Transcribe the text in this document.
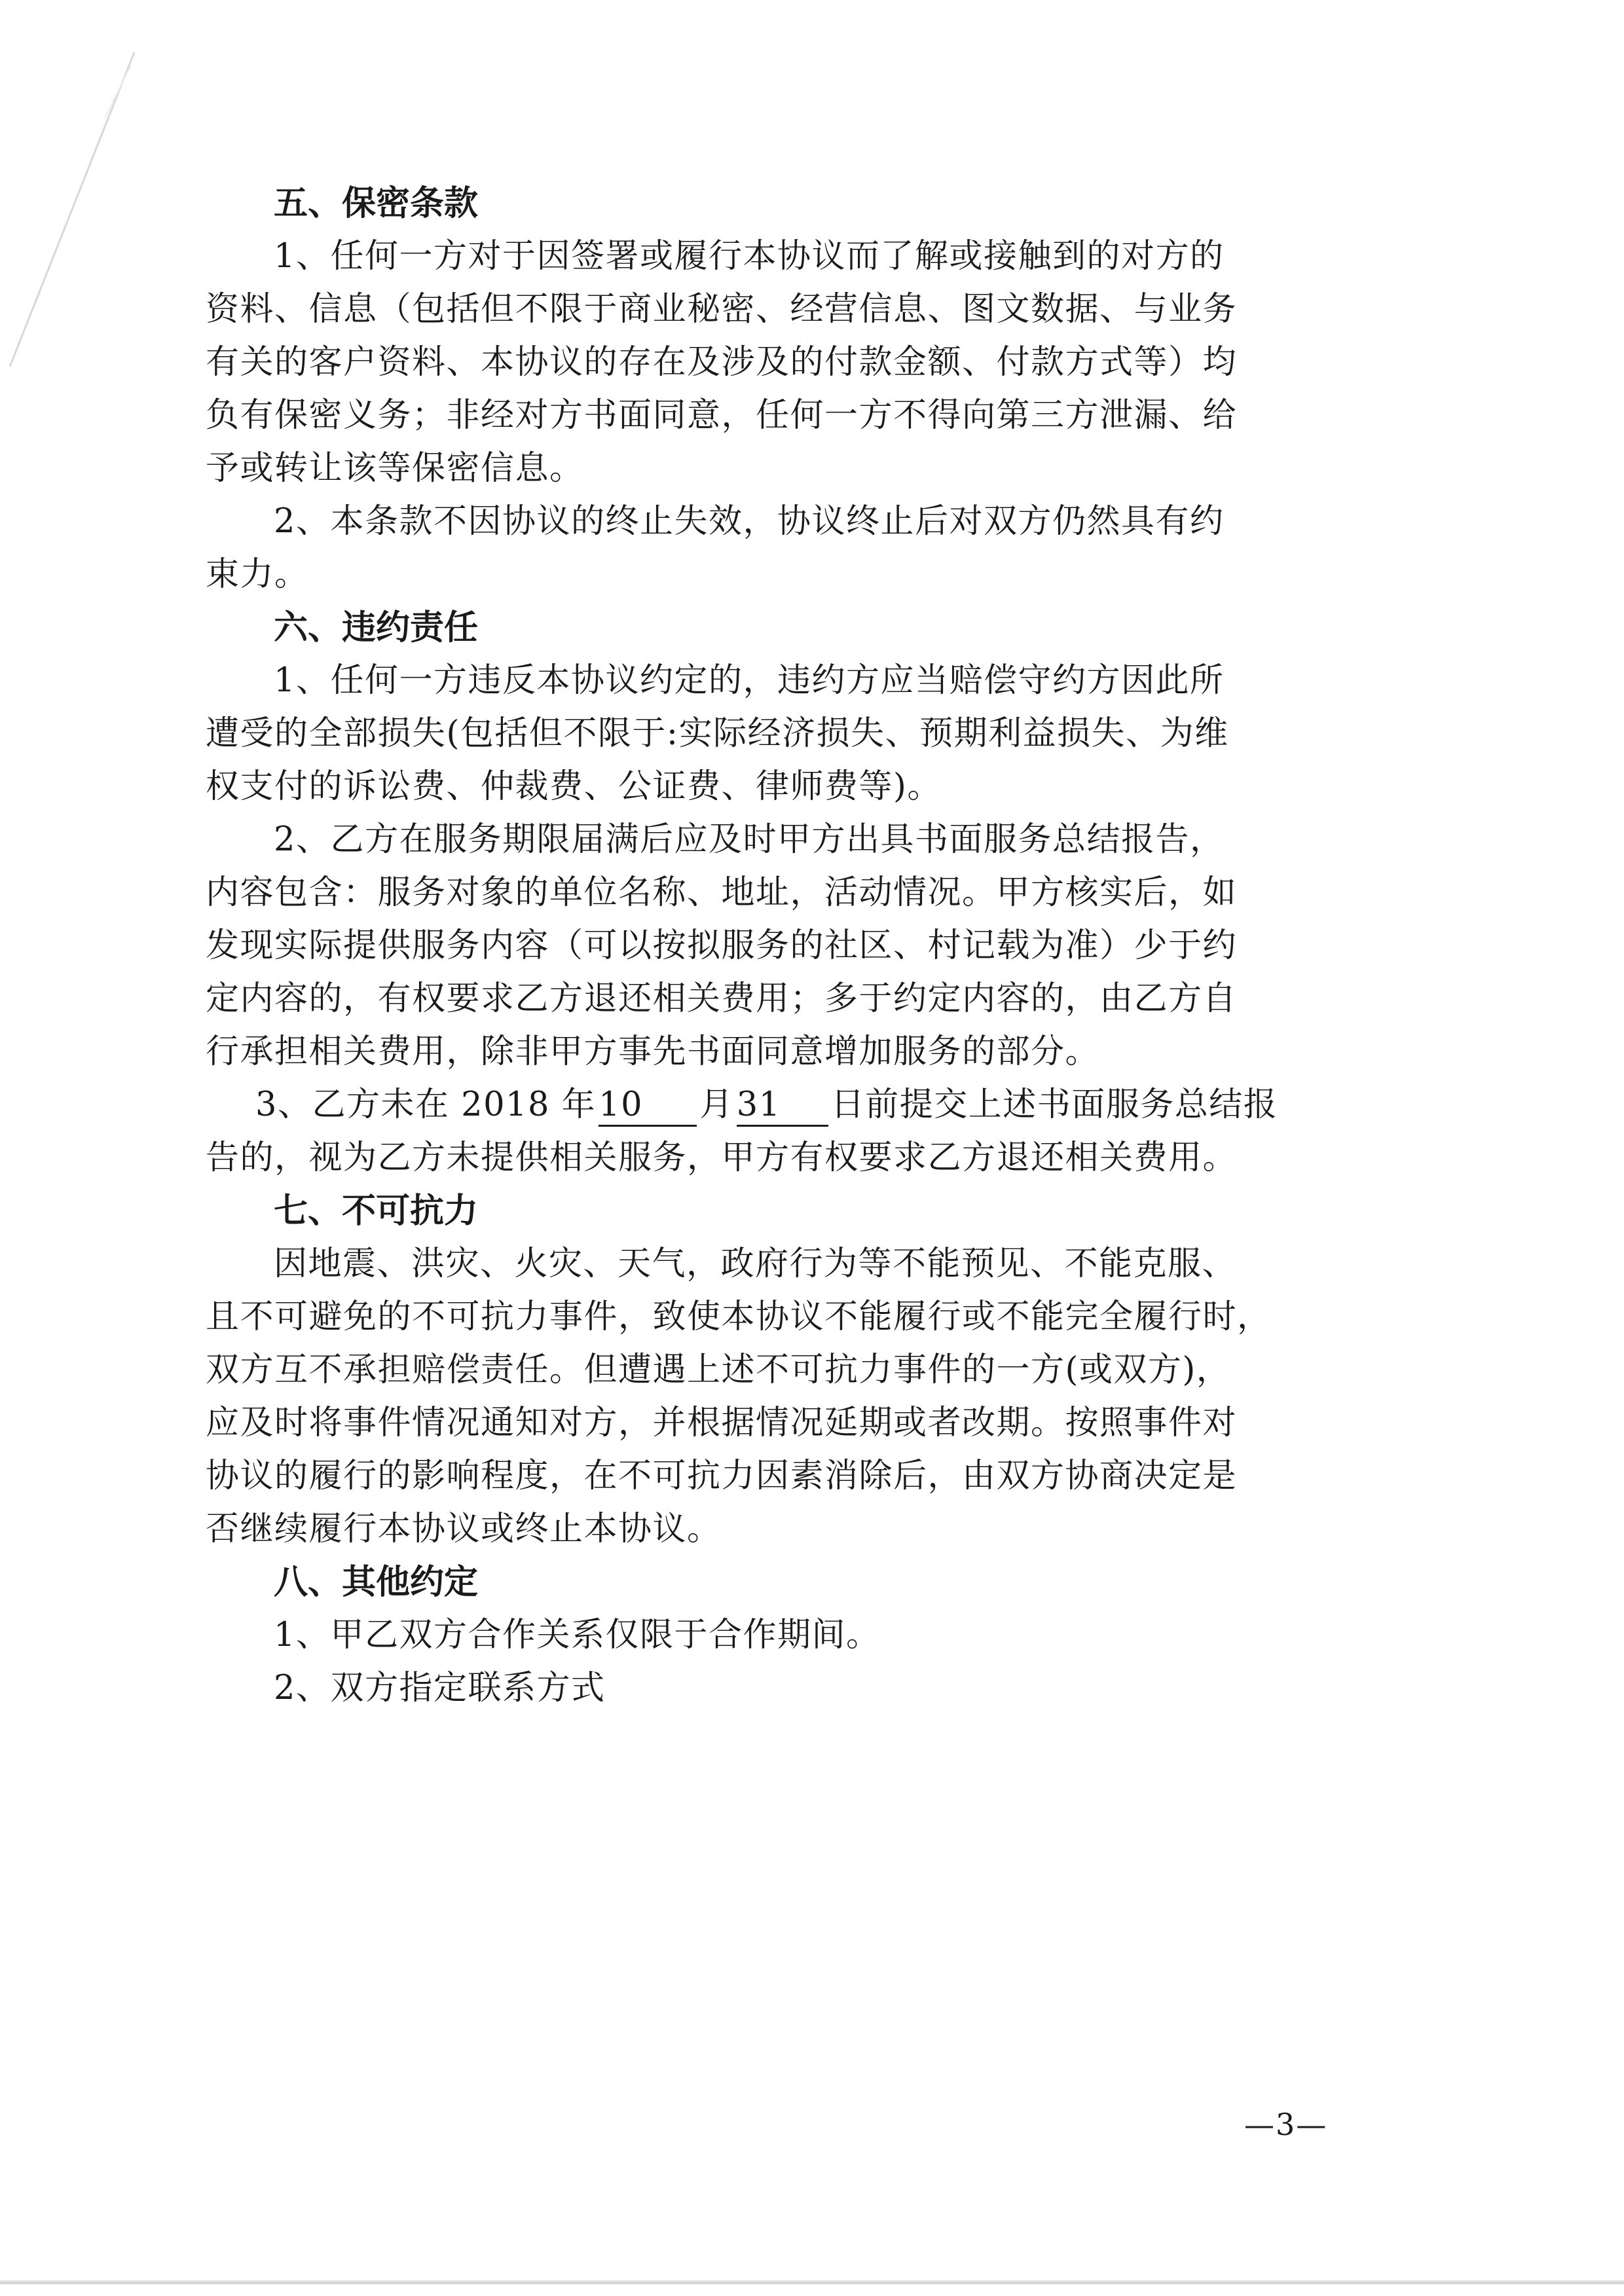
五、保密条款
1、任何一方对于因签署或履行本协议而了解或接触到的对方的
资料、信息（包括但不限于商业秘密、经营信息、图文数据、与业务
有关的客户资料、本协议的存在及涉及的付款金额、付款方式等）均
负有保密义务；非经对方书面同意，任何一方不得向第三方泄漏、给
予或转让该等保密信息。
2、本条款不因协议的终止失效，协议终止后对双方仍然具有约
束力。
六、违约责任
1、任何一方违反本协议约定的，违约方应当赔偿守约方因此所
遭受的全部损失(包括但不限于:实际经济损失、预期利益损失、为维
权支付的诉讼费、仲裁费、公证费、律师费等)。
2、乙方在服务期限届满后应及时甲方出具书面服务总结报告，
内容包含：服务对象的单位名称、地址，活动情况。甲方核实后，如
发现实际提供服务内容（可以按拟服务的社区、村记载为准）少于约
定内容的，有权要求乙方退还相关费用；多于约定内容的，由乙方自
行承担相关费用，除非甲方事先书面同意增加服务的部分。
3、乙方未在 2018 年10 月31 日前提交上述书面服务总结报
告的，视为乙方未提供相关服务，甲方有权要求乙方退还相关费用。
七、不可抗力
因地震、洪灾、火灾、天气，政府行为等不能预见、不能克服、
且不可避免的不可抗力事件，致使本协议不能履行或不能完全履行时，
双方互不承担赔偿责任。但遭遇上述不可抗力事件的一方(或双方)，
应及时将事件情况通知对方，并根据情况延期或者改期。按照事件对
协议的履行的影响程度，在不可抗力因素消除后，由双方协商决定是
否继续履行本协议或终止本协议。
八、其他约定
1、甲乙双方合作关系仅限于合作期间。
2、双方指定联系方式
—3—
